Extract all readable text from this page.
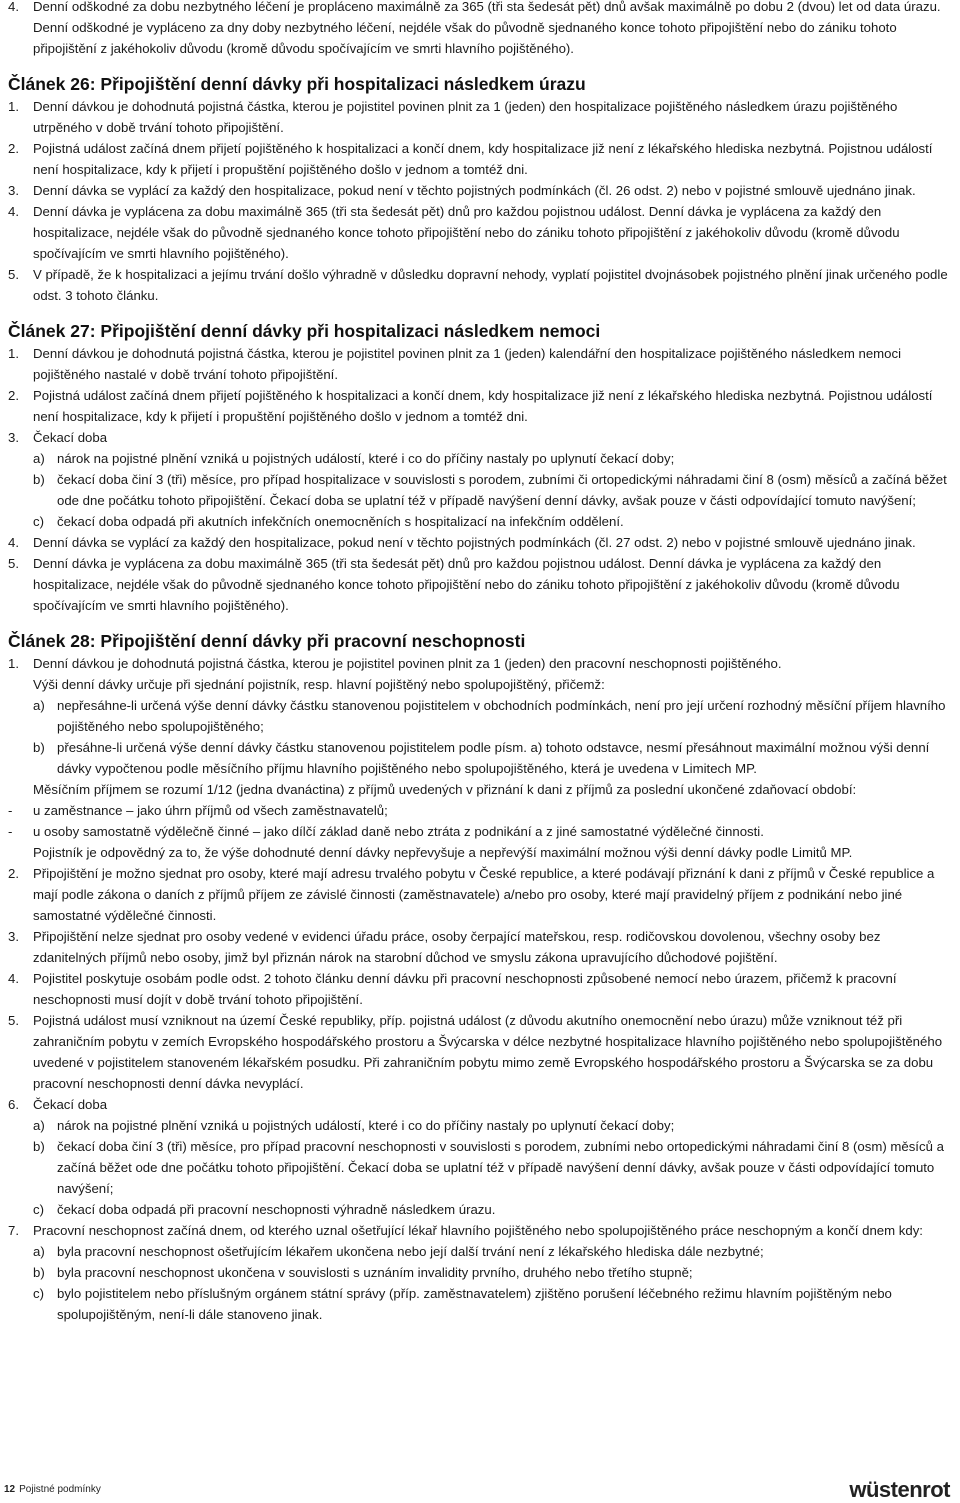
4. Denní odškodné za dobu nezbytného léčení je propláceno maximálně za 365 (tři sta šedesát pět) dnů avšak maximálně po dobu 2 (dvou) let od data úrazu. Denní odškodné je vypláceno za dny doby nezbytného léčení, nejdéle však do původně sjednaného konce tohoto připojištění nebo do zániku tohoto připojištění z jakéhokoliv důvodu (kromě důvodu spočívajícím ve smrti hlavního pojištěného).
Článek 26: Připojištění denní dávky při hospitalizaci následkem úrazu
1. Denní dávkou je dohodnutá pojistná částka, kterou je pojistitel povinen plnit za 1 (jeden) den hospitalizace pojištěného následkem úrazu pojištěného utrpěného v době trvání tohoto připojištění.
2. Pojistná událost začíná dnem přijetí pojištěného k hospitalizaci a končí dnem, kdy hospitalizace již není z lékařského hlediska nezbytná. Pojistnou událostí není hospitalizace, kdy k přijetí i propuštění pojištěného došlo v jednom a tomtéž dni.
3. Denní dávka se vyplácí za každý den hospitalizace, pokud není v těchto pojistných podmínkách (čl. 26 odst. 2) nebo v pojistné smlouvě ujednáno jinak.
4. Denní dávka je vyplácena za dobu maximálně 365 (tři sta šedesát pět) dnů pro každou pojistnou událost. Denní dávka je vyplácena za každý den hospitalizace, nejdéle však do původně sjednaného konce tohoto připojištění nebo do zániku tohoto připojištění z jakéhokoliv důvodu (kromě důvodu spočívajícím ve smrti hlavního pojištěného).
5. V případě, že k hospitalizaci a jejímu trvání došlo výhradně v důsledku dopravní nehody, vyplatí pojistitel dvojnásobek pojistného plnění jinak určeného podle odst. 3 tohoto článku.
Článek 27: Připojištění denní dávky při hospitalizaci následkem nemoci
1. Denní dávkou je dohodnutá pojistná částka, kterou je pojistitel povinen plnit za 1 (jeden) kalendářní den hospitalizace pojištěného následkem nemoci pojištěného nastalé v době trvání tohoto připojištění.
2. Pojistná událost začíná dnem přijetí pojištěného k hospitalizaci a končí dnem, kdy hospitalizace již není z lékařského hlediska nezbytná. Pojistnou událostí není hospitalizace, kdy k přijetí i propuštění pojištěného došlo v jednom a tomtéž dni.
3. Čekací doba
a) nárok na pojistné plnění vzniká u pojistných událostí, které i co do příčiny nastaly po uplynutí čekací doby;
b) čekací doba činí 3 (tři) měsíce, pro případ hospitalizace v souvislosti s porodem, zubními či ortopedickými náhradami činí 8 (osm) měsíců a začíná běžet ode dne počátku tohoto připojištění. Čekací doba se uplatní též v případě navýšení denní dávky, avšak pouze v části odpovídající tomuto navýšení;
c) čekací doba odpadá při akutních infekčních onemocněních s hospitalizací na infekčním oddělení.
4. Denní dávka se vyplácí za každý den hospitalizace, pokud není v těchto pojistných podmínkách (čl. 27 odst. 2) nebo v pojistné smlouvě ujednáno jinak.
5. Denní dávka je vyplácena za dobu maximálně 365 (tři sta šedesát pět) dnů pro každou pojistnou událost. Denní dávka je vyplácena za každý den hospitalizace, nejdéle však do původně sjednaného konce tohoto připojištění nebo do zániku tohoto připojištění z jakéhokoliv důvodu (kromě důvodu spočívajícím ve smrti hlavního pojištěného).
Článek 28: Připojištění denní dávky při pracovní neschopnosti
1. Denní dávkou je dohodnutá pojistná částka, kterou je pojistitel povinen plnit za 1 (jeden) den pracovní neschopnosti pojištěného.
Výši denní dávky určuje při sjednání pojistník, resp. hlavní pojištěný nebo spolupojištěný, přičemž:
a) nepřesáhne-li určená výše denní dávky částku stanovenou pojistitelem v obchodních podmínkách, není pro její určení rozhodný měsíční příjem hlavního pojištěného nebo spolupojištěného;
b) přesáhne-li určená výše denní dávky částku stanovenou pojistitelem podle písm. a) tohoto odstavce, nesmí přesáhnout maximální možnou výši denní dávky vypočtenou podle měsíčního příjmu hlavního pojištěného nebo spolupojištěného, která je uvedena v Limitech MP.
Měsíčním příjmem se rozumí 1/12 (jedna dvanáctina) z příjmů uvedených v přiznání k dani z příjmů za poslední ukončené zdaňovací období:
- u zaměstnance – jako úhrn příjmů od všech zaměstnavatelů;
- u osoby samostatně výdělečně činné – jako dílčí základ daně nebo ztráta z podnikání a z jiné samostatné výdělečné činnosti.
Pojistník je odpovědný za to, že výše dohodnuté denní dávky nepřevyšuje a nepřevýší maximální možnou výši denní dávky podle Limitů MP.
2. Připojištění je možno sjednat pro osoby, které mají adresu trvalého pobytu v České republice, a které podávají přiznání k dani z příjmů v České republice a mají podle zákona o daních z příjmů příjem ze závislé činnosti (zaměstnavatele) a/nebo pro osoby, které mají pravidelný příjem z podnikání nebo jiné samostatné výdělečné činnosti.
3. Připojištění nelze sjednat pro osoby vedené v evidenci úřadu práce, osoby čerpající mateřskou, resp. rodičovskou dovolenou, všechny osoby bez zdanitelných příjmů nebo osoby, jimž byl přiznán nárok na starobní důchod ve smyslu zákona upravujícího důchodové pojištění.
4. Pojistitel poskytuje osobám podle odst. 2 tohoto článku denní dávku při pracovní neschopnosti způsobené nemocí nebo úrazem, přičemž k pracovní neschopnosti musí dojít v době trvání tohoto připojištění.
5. Pojistná událost musí vzniknout na území České republiky, příp. pojistná událost (z důvodu akutního onemocnění nebo úrazu) může vzniknout též při zahraničním pobytu v zemích Evropského hospodářského prostoru a Švýcarska v délce nezbytné hospitalizace hlavního pojištěného nebo spolupojištěného uvedené v pojistitelem stanoveném lékařském posudku. Při zahraničním pobytu mimo země Evropského hospodářského prostoru a Švýcarska se za dobu pracovní neschopnosti denní dávka nevyplácí.
6. Čekací doba
a) nárok na pojistné plnění vzniká u pojistných událostí, které i co do příčiny nastaly po uplynutí čekací doby;
b) čekací doba činí 3 (tři) měsíce, pro případ pracovní neschopnosti v souvislosti s porodem, zubními nebo ortopedickými náhradami činí 8 (osm) měsíců a začíná běžet ode dne počátku tohoto připojištění. Čekací doba se uplatní též v případě navýšení denní dávky, avšak pouze v části odpovídající tomuto navýšení;
c) čekací doba odpadá při pracovní neschopnosti výhradně následkem úrazu.
7. Pracovní neschopnost začíná dnem, od kterého uznal ošetřující lékař hlavního pojištěného nebo spolupojištěného práce neschopným a končí dnem kdy:
a) byla pracovní neschopnost ošetřujícím lékařem ukončena nebo její další trvání není z lékařského hlediska dále nezbytné;
b) byla pracovní neschopnost ukončena v souvislosti s uznáním invalidity prvního, druhého nebo třetího stupně;
c) bylo pojistitelem nebo příslušným orgánem státní správy (příp. zaměstnavatelem) zjištěno porušení léčebného režimu hlavním pojištěným nebo spolupojištěným, není-li dále stanoveno jinak.
12 Pojistné podmínky	wüstenrot
